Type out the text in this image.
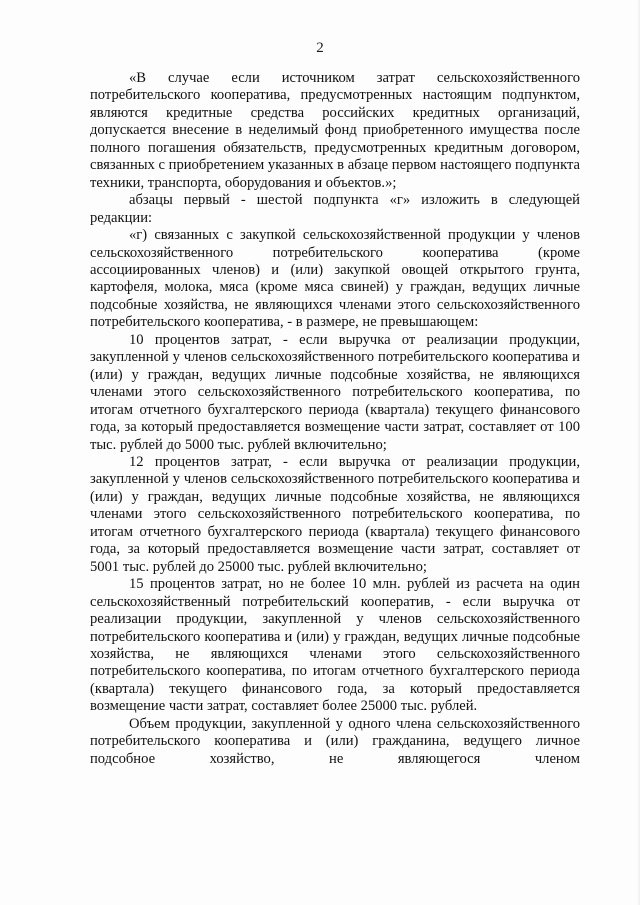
2

«В случае если источником затрат сельскохозяйственного потребительского кооператива, предусмотренных настоящим подпунктом, являются кредитные средства российских кредитных организаций, допускается внесение в неделимый фонд приобретенного имущества после полного погашения обязательств, предусмотренных кредитным договором, связанных с приобретением указанных в абзаце первом настоящего подпункта техники, транспорта, оборудования и объектов.»;

абзацы первый - шестой подпункта «г» изложить в следующей редакции:

«г) связанных с закупкой сельскохозяйственной продукции у членов сельскохозяйственного потребительского кооператива (кроме ассоциированных членов) и (или) закупкой овощей открытого грунта, картофеля, молока, мяса (кроме мяса свиней) у граждан, ведущих личные подсобные хозяйства, не являющихся членами этого сельскохозяйственного потребительского кооператива, - в размере, не превышающем:

10 процентов затрат, - если выручка от реализации продукции, закупленной у членов сельскохозяйственного потребительского кооператива и (или) у граждан, ведущих личные подсобные хозяйства, не являющихся членами этого сельскохозяйственного потребительского кооператива, по итогам отчетного бухгалтерского периода (квартала) текущего финансового года, за который предоставляется возмещение части затрат, составляет от 100 тыс. рублей до 5000 тыс. рублей включительно;

12 процентов затрат, - если выручка от реализации продукции, закупленной у членов сельскохозяйственного потребительского кооператива и (или) у граждан, ведущих личные подсобные хозяйства, не являющихся членами этого сельскохозяйственного потребительского кооператива, по итогам отчетного бухгалтерского периода (квартала) текущего финансового года, за который предоставляется возмещение части затрат, составляет от 5001 тыс. рублей до 25000 тыс. рублей включительно;

15 процентов затрат, но не более 10 млн. рублей из расчета на один сельскохозяйственный потребительский кооператив, - если выручка от реализации продукции, закупленной у членов сельскохозяйственного потребительского кооператива и (или) у граждан, ведущих личные подсобные хозяйства, не являющихся членами этого сельскохозяйственного потребительского кооператива, по итогам отчетного бухгалтерского периода (квартала) текущего финансового года, за который предоставляется возмещение части затрат, составляет более 25000 тыс. рублей.

Объем продукции, закупленной у одного члена сельскохозяйственного потребительского кооператива и (или) гражданина, ведущего личное подсобное хозяйство, не являющегося членом
